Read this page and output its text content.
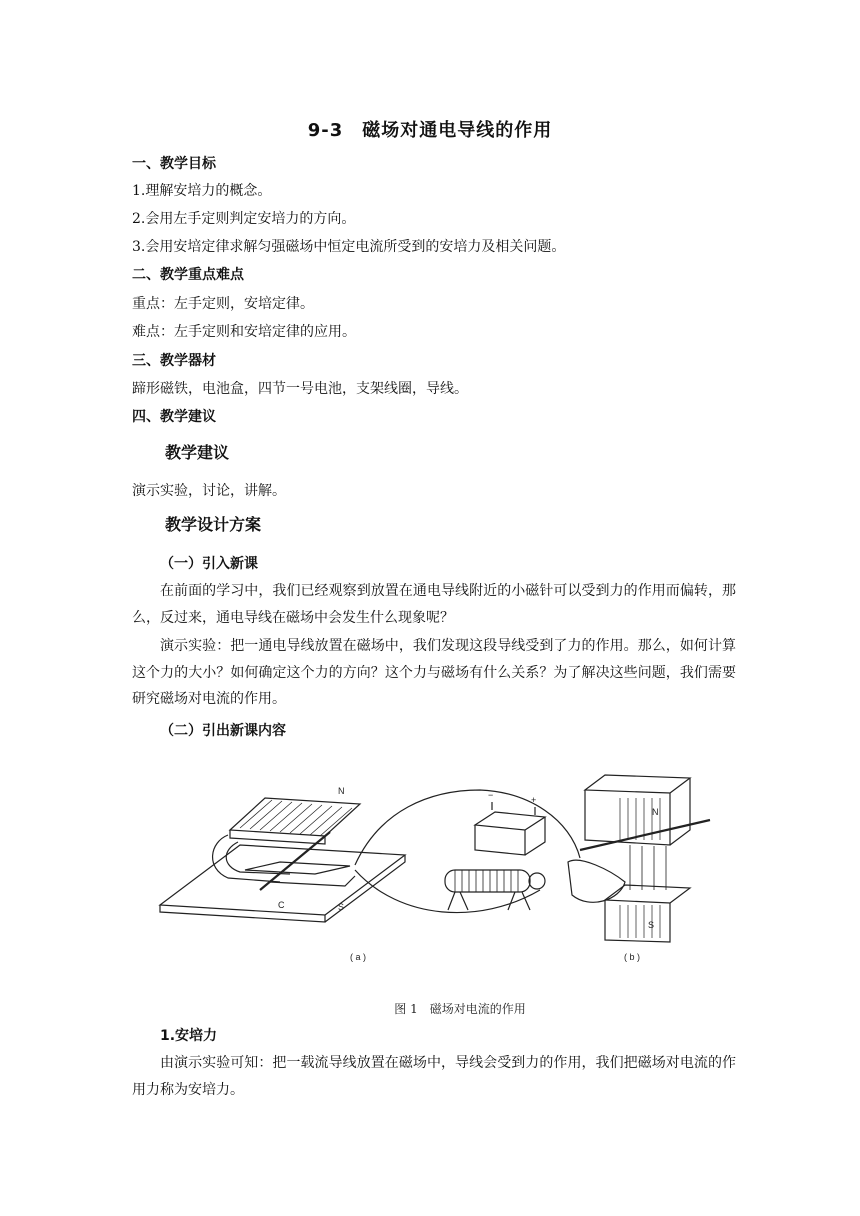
9-3　磁场对通电导线的作用
一、教学目标
1.理解安培力的概念。
2.会用左手定则判定安培力的方向。
3.会用安培定律求解匀强磁场中恒定电流所受到的安培力及相关问题。
二、教学重点难点
重点：左手定则，安培定律。
难点：左手定则和安培定律的应用。
三、教学器材
蹄形磁铁，电池盒，四节一号电池，支架线圈，导线。
四、教学建议
教学建议
演示实验，讨论，讲解。
教学设计方案
（一）引入新课
在前面的学习中，我们已经观察到放置在通电导线附近的小磁针可以受到力的作用而偏转，那么，反过来，通电导线在磁场中会发生什么现象呢？
演示实验：把一通电导线放置在磁场中，我们发现这段导线受到了力的作用。那么，如何计算这个力的大小？如何确定这个力的方向？这个力与磁场有什么关系？为了解决这些问题，我们需要研究磁场对电流的作用。
（二）引出新课内容
N
S
C
−	+
N
S
( a )	( b )
图 1　磁场对电流的作用
1.安培力
由演示实验可知：把一载流导线放置在磁场中，导线会受到力的作用，我们把磁场对电流的作用力称为安培力。
